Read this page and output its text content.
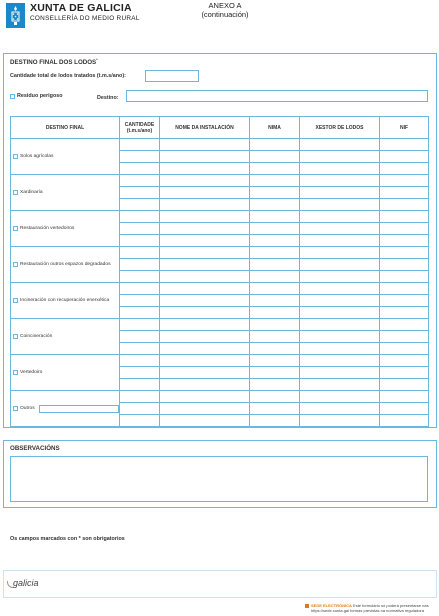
XUNTA DE GALICIA
CONSELLERÍA DO MEDIO RURAL
ANEXO A
(continuación)
DESTINO FINAL DOS LODOS*
Cantidade total de lodos tratados (t.m.s/ano):
Residuo perigoso	Destino:
DESTINO FINAL	CANTIDADE (t.m.s/ano)	NOME DA INSTALACIÓN	NIMA	XESTOR DE LODOS	NIF

Solos agrícolas					

Xardinaría					

Restauración vertedoiros					

Restauración outros espazos degradados					

Incineración con recuperación enerxética					

Coincineración					

Vertedoiro					

Outros					

OBSERVACIÓNS
Os campos marcados con * son obrigatorios
galicia
SEDE ELECTRÓNICA Este formulario só poderá presentarse nas
https://sede.xunta.gal formas previstas na normativa reguladora
